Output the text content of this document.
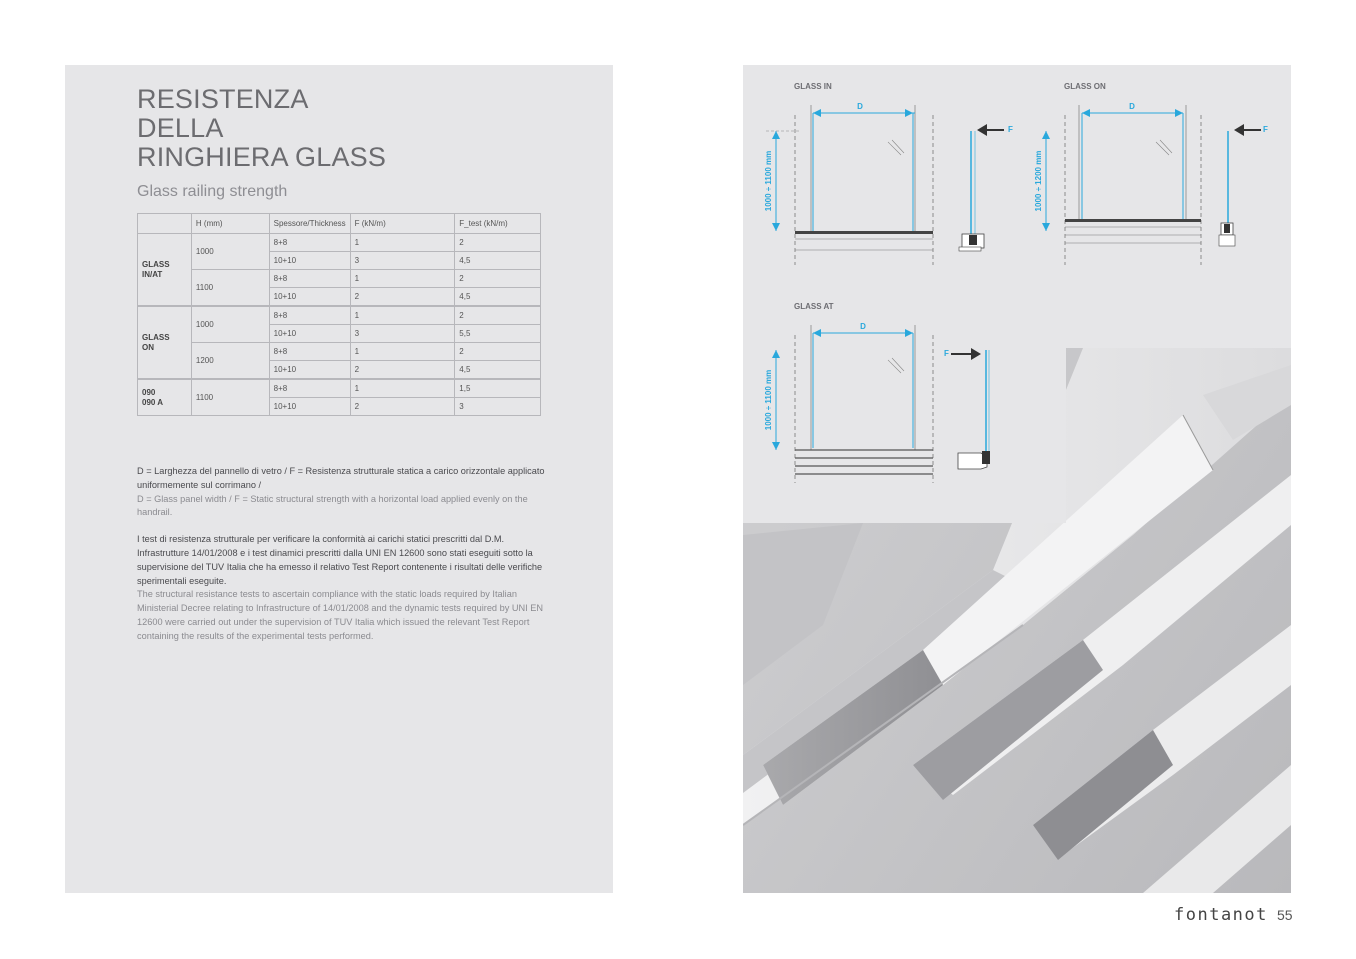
RESISTENZA
DELLA
RINGHIERA GLASS
Glass railing strength
	H (mm)	Spessore/Thickness	F (kN/m)	F_test (kN/m)
GLASS
IN/AT	1000	8+8	1	2
		10+10	3	4,5
	1100	8+8	1	2
		10+10	2	4,5
GLASS
ON	1000	8+8	1	2
		10+10	3	5,5
	1200	8+8	1	2
		10+10	2	4,5
090
090 A	1100	8+8	1	1,5
		10+10	2	3

D = Larghezza del pannello di vetro / F = Resistenza strutturale statica a carico orizzontale applicato uniformemente sul corrimano /

D = Glass panel width / F = Static structural strength with a horizontal load applied evenly on the handrail.

I test di resistenza strutturale per verificare la conformità ai carichi statici prescritti dal D.M. Infrastrutture 14/01/2008 e i test dinamici prescritti dalla UNI EN 12600 sono stati eseguiti sotto la supervisione del TUV Italia che ha emesso il relativo Test Report contenente i risultati delle verifiche sperimentali eseguite.

The structural resistance tests to ascertain compliance with the static loads required by Italian Ministerial Decree relating to Infrastructure of 14/01/2008 and the dynamic tests required by UNI EN 12600 were carried out under the supervision of TUV Italia which issued the relevant Test Report containing the results of the experimental tests performed.

GLASS IN
D
1000 ÷ 1100 mm
F
GLASS ON
D
1000 ÷ 1200 mm
F
GLASS AT
D
1000 ÷ 1100 mm
F
fontanot 55
